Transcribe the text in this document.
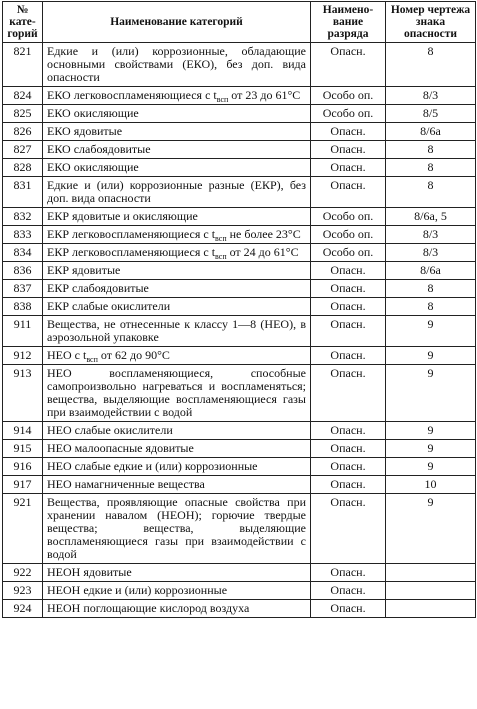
№ кате-горий	Наименование категорий	Наимено-вание разряда	Номер чертежа знака опасности
821	Едкие и (или) коррозионные, обладающие основными свойствами (ЕКО), без доп. вида опасности	Опасн.	8
824	ЕКО легковоспламеняющиеся с $t_{всп}$ от 23 до 61°С	Особо оп.	8/3
825	ЕКО окисляющие	Особо оп.	8/5
826	ЕКО ядовитые	Опасн.	8/6а
827	ЕКО слабоядовитые	Опасн.	8
828	ЕКО окисляющие	Опасн.	8
831	Едкие и (или) коррозионные разные (ЕКР), без доп. вида опасности	Опасн.	8
832	ЕКР ядовитые и окисляющие	Особо оп.	8/6а, 5
833	ЕКР легковоспламеняющиеся с $t_{всп}$ не более 23°С	Особо оп.	8/3
834	ЕКР легковоспламеняющиеся с $t_{всп}$ от 24 до 61°С	Особо оп.	8/3
836	ЕКР ядовитые	Опасн.	8/6а
837	ЕКР слабоядовитые	Опасн.	8
838	ЕКР слабые окислители	Опасн.	8
911	Вещества, не отнесенные к классу 1—8 (НЕО), в аэрозольной упаковке	Опасн.	9
912	НЕО с $t_{всп}$ от 62 до 90°С	Опасн.	9
913	НЕО воспламеняющиеся, способные самопроизвольно нагреваться и воспламеняться; вещества, выделяющие воспламеняющиеся газы при взаимодействии с водой	Опасн.	9
914	НЕО слабые окислители	Опасн.	9
915	НЕО малоопасные ядовитые	Опасн.	9
916	НЕО слабые едкие и (или) коррозионные	Опасн.	9
917	НЕО намагниченные вещества	Опасн.	10
921	Вещества, проявляющие опасные свойства при хранении навалом (НЕОН); горючие твердые вещества; вещества, выделяющие воспламеняющиеся газы при взаимодействии с водой	Опасн.	9
922	НЕОН ядовитые	Опасн.	
923	НЕОН едкие и (или) коррозионные	Опасн.	
924	НЕОН поглощающие кислород воздуха	Опасн.	
